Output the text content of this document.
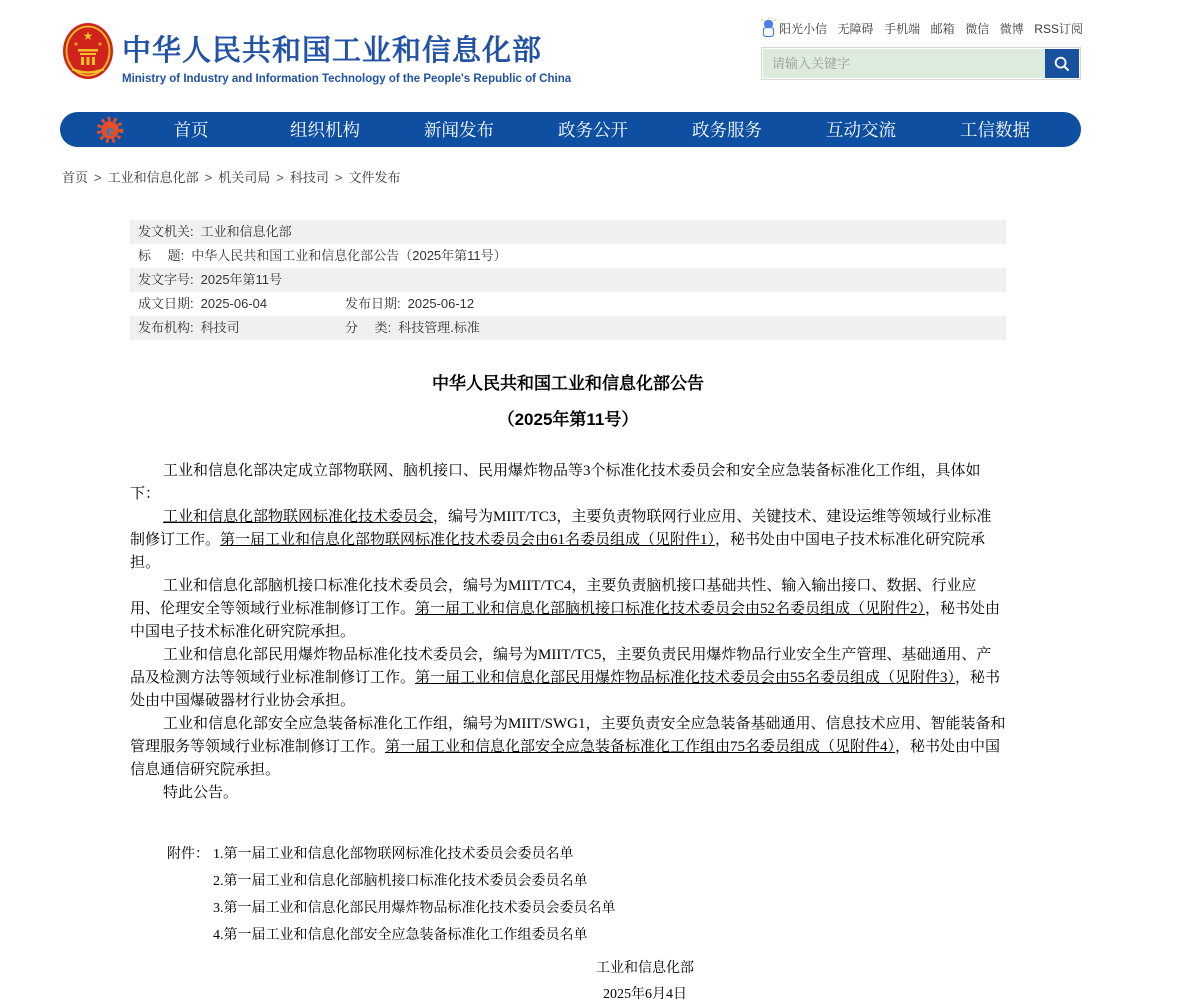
★
★	★ 中华人民共和国工业和信息化部
Ministry of Industry and Information Technology of the People's Republic of China
阳光小信 无障碍 手机端 邮箱 微信 微博 RSS订阅
请输入关键字
e	首页	组织机构	新闻发布	政务公开	政务服务	互动交流	工信数据
首页 > 工业和信息化部 > 机关司局 > 科技司 > 文件发布
发文机关: 工业和信息化部
标　 题: 中华人民共和国工业和信息化部公告（2025年第11号）
发文字号: 2025年第11号
成文日期: 2025-06-04	发布日期: 2025-06-12
发布机构: 科技司	分　 类: 科技管理.标准
中华人民共和国工业和信息化部公告
（2025年第11号）

工业和信息化部决定成立部物联网、脑机接口、民用爆炸物品等3个标准化技术委员会和安全应急装备标准化工作组，具体如下：

工业和信息化部物联网标准化技术委员会，编号为MIIT/TC3，主要负责物联网行业应用、关键技术、建设运维等领域行业标准制修订工作。第一届工业和信息化部物联网标准化技术委员会由61名委员组成（见附件1），秘书处由中国电子技术标准化研究院承担。

工业和信息化部脑机接口标准化技术委员会，编号为MIIT/TC4，主要负责脑机接口基础共性、输入输出接口、数据、行业应用、伦理安全等领域行业标准制修订工作。第一届工业和信息化部脑机接口标准化技术委员会由52名委员组成（见附件2），秘书处由中国电子技术标准化研究院承担。

工业和信息化部民用爆炸物品标准化技术委员会，编号为MIIT/TC5，主要负责民用爆炸物品行业安全生产管理、基础通用、产品及检测方法等领域行业标准制修订工作。第一届工业和信息化部民用爆炸物品标准化技术委员会由55名委员组成（见附件3），秘书处由中国爆破器材行业协会承担。

工业和信息化部安全应急装备标准化工作组，编号为MIIT/SWG1，主要负责安全应急装备基础通用、信息技术应用、智能装备和管理服务等领域行业标准制修订工作。第一届工业和信息化部安全应急装备标准化工作组由75名委员组成（见附件4），秘书处由中国信息通信研究院承担。

特此公告。

附件： 1.第一届工业和信息化部物联网标准化技术委员会委员名单
2.第一届工业和信息化部脑机接口标准化技术委员会委员名单
3.第一届工业和信息化部民用爆炸物品标准化技术委员会委员名单
4.第一届工业和信息化部安全应急装备标准化工作组委员名单
工业和信息化部
2025年6月4日
